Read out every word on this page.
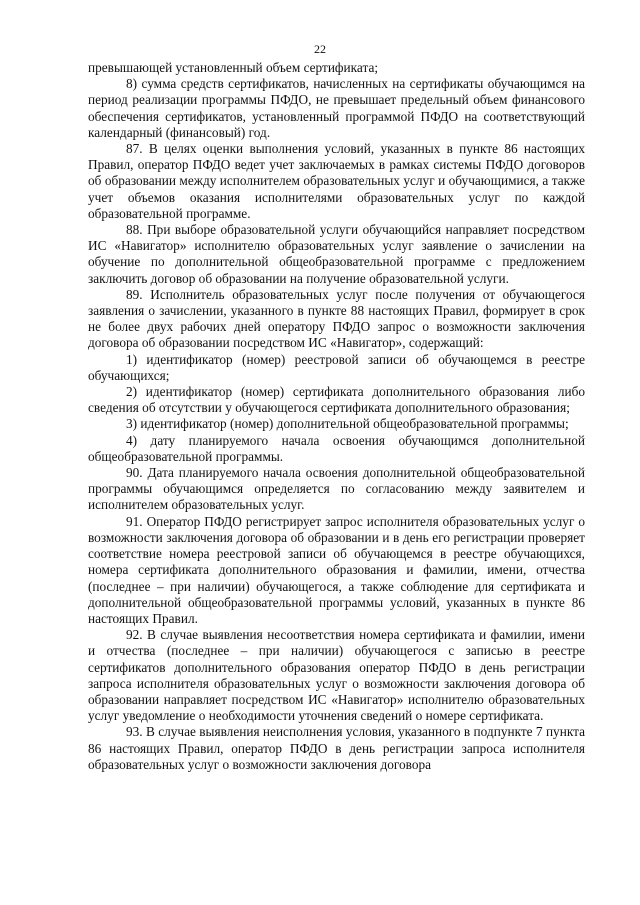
22

превышающей установленный объем сертификата;

8) сумма средств сертификатов, начисленных на сертификаты обучающимся на период реализации программы ПФДО, не превышает предельный объем финансового обеспечения сертификатов, установленный программой ПФДО на соответствующий календарный (финансовый) год.

87. В целях оценки выполнения условий, указанных в пункте 86 настоящих Правил, оператор ПФДО ведет учет заключаемых в рамках системы ПФДО договоров об образовании между исполнителем образовательных услуг и обучающимися, а также учет объемов оказания исполнителями образовательных услуг по каждой образовательной программе.

88. При выборе образовательной услуги обучающийся направляет посредством ИС «Навигатор» исполнителю образовательных услуг заявление о зачислении на обучение по дополнительной общеобразовательной программе с предложением заключить договор об образовании на получение образовательной услуги.

89. Исполнитель образовательных услуг после получения от обучающегося заявления о зачислении, указанного в пункте 88 настоящих Правил, формирует в срок не более двух рабочих дней оператору ПФДО запрос о возможности заключения договора об образовании посредством ИС «Навигатор», содержащий:

1) идентификатор (номер) реестровой записи об обучающемся в реестре обучающихся;

2) идентификатор (номер) сертификата дополнительного образования либо сведения об отсутствии у обучающегося сертификата дополнительного образования;

3) идентификатор (номер) дополнительной общеобразовательной программы;

4) дату планируемого начала освоения обучающимся дополнительной общеобразовательной программы.

90. Дата планируемого начала освоения дополнительной общеобразовательной программы обучающимся определяется по согласованию между заявителем и исполнителем образовательных услуг.

91. Оператор ПФДО регистрирует запрос исполнителя образовательных услуг о возможности заключения договора об образовании и в день его регистрации проверяет соответствие номера реестровой записи об обучающемся в реестре обучающихся, номера сертификата дополнительного образования и фамилии, имени, отчества (последнее – при наличии) обучающегося, а также соблюдение для сертификата и дополнительной общеобразовательной программы условий, указанных в пункте 86 настоящих Правил.

92. В случае выявления несоответствия номера сертификата и фамилии, имени и отчества (последнее – при наличии) обучающегося с записью в реестре сертификатов дополнительного образования оператор ПФДО в день регистрации запроса исполнителя образовательных услуг о возможности заключения договора об образовании направляет посредством ИС «Навигатор» исполнителю образовательных услуг уведомление о необходимости уточнения сведений о номере сертификата.

93. В случае выявления неисполнения условия, указанного в подпункте 7 пункта 86 настоящих Правил, оператор ПФДО в день регистрации запроса исполнителя образовательных услуг о возможности заключения договора
